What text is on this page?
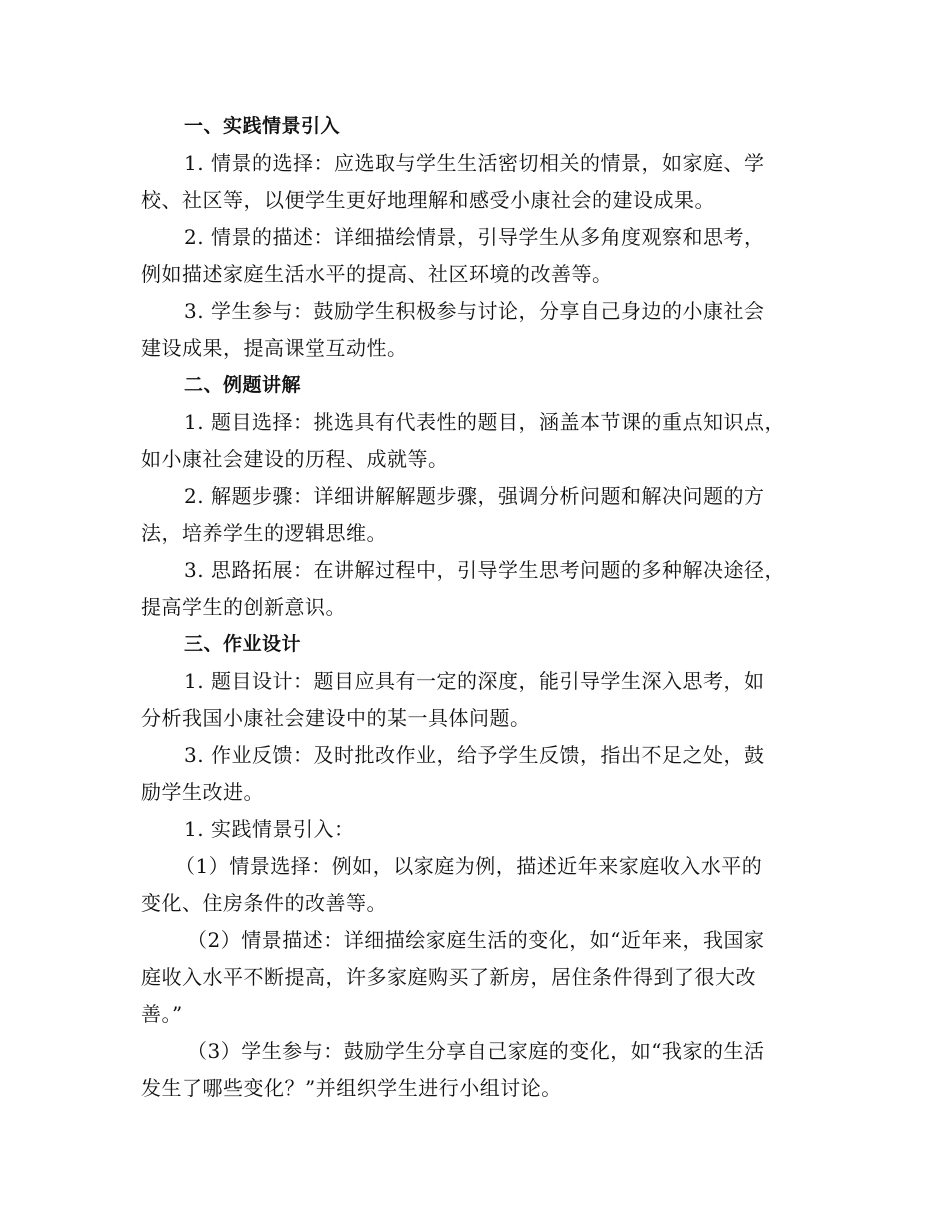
一、实践情景引入
1. 情景的选择：应选取与学生生活密切相关的情景，如家庭、学
校、社区等，以便学生更好地理解和感受小康社会的建设成果。
2. 情景的描述：详细描绘情景，引导学生从多角度观察和思考，
例如描述家庭生活水平的提高、社区环境的改善等。
3. 学生参与：鼓励学生积极参与讨论，分享自己身边的小康社会
建设成果，提高课堂互动性。
二、例题讲解
1. 题目选择：挑选具有代表性的题目，涵盖本节课的重点知识点，
如小康社会建设的历程、成就等。
2. 解题步骤：详细讲解解题步骤，强调分析问题和解决问题的方
法，培养学生的逻辑思维。
3. 思路拓展：在讲解过程中，引导学生思考问题的多种解决途径，
提高学生的创新意识。
三、作业设计
1. 题目设计：题目应具有一定的深度，能引导学生深入思考，如
分析我国小康社会建设中的某一具体问题。
3. 作业反馈：及时批改作业，给予学生反馈，指出不足之处，鼓
励学生改进。
1. 实践情景引入：
（1）情景选择：例如，以家庭为例，描述近年来家庭收入水平的
变化、住房条件的改善等。
（2）情景描述：详细描绘家庭生活的变化，如“近年来，我国家
庭收入水平不断提高，许多家庭购买了新房，居住条件得到了很大改
善。”
（3）学生参与：鼓励学生分享自己家庭的变化，如“我家的生活
发生了哪些变化？”并组织学生进行小组讨论。
